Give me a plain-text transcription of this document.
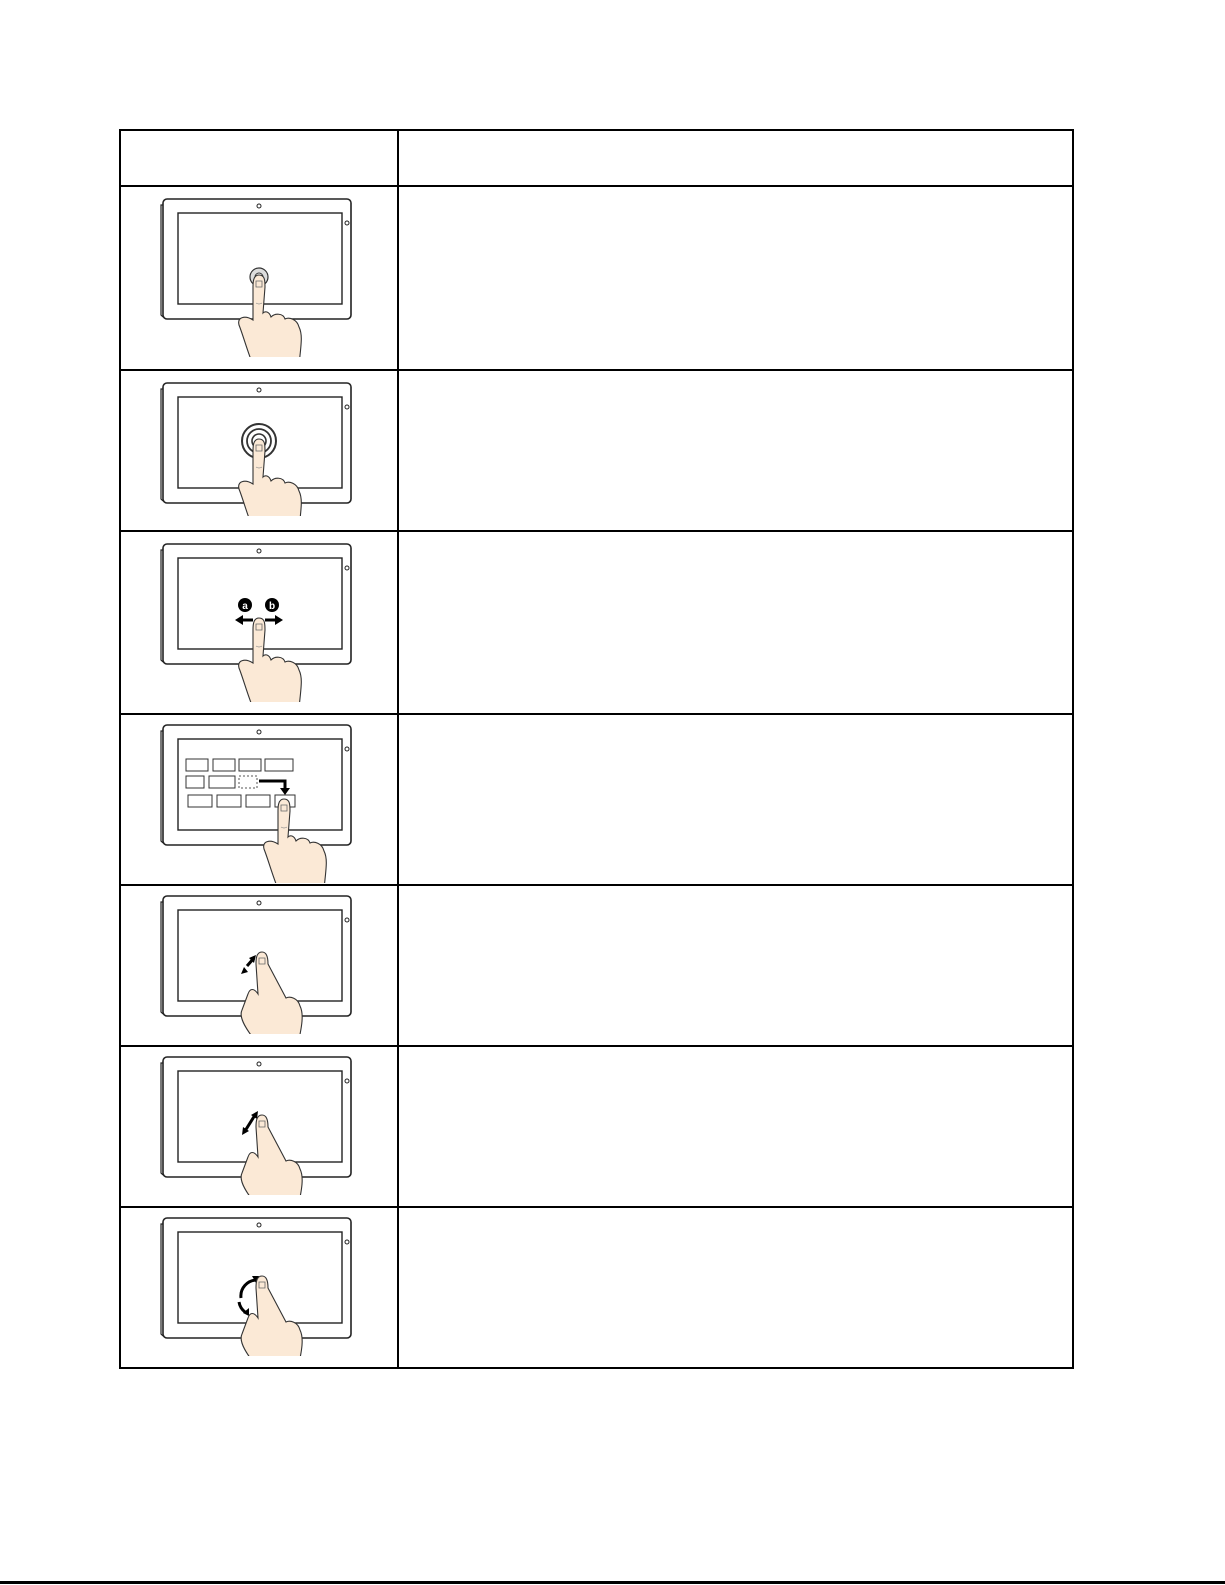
a b	
